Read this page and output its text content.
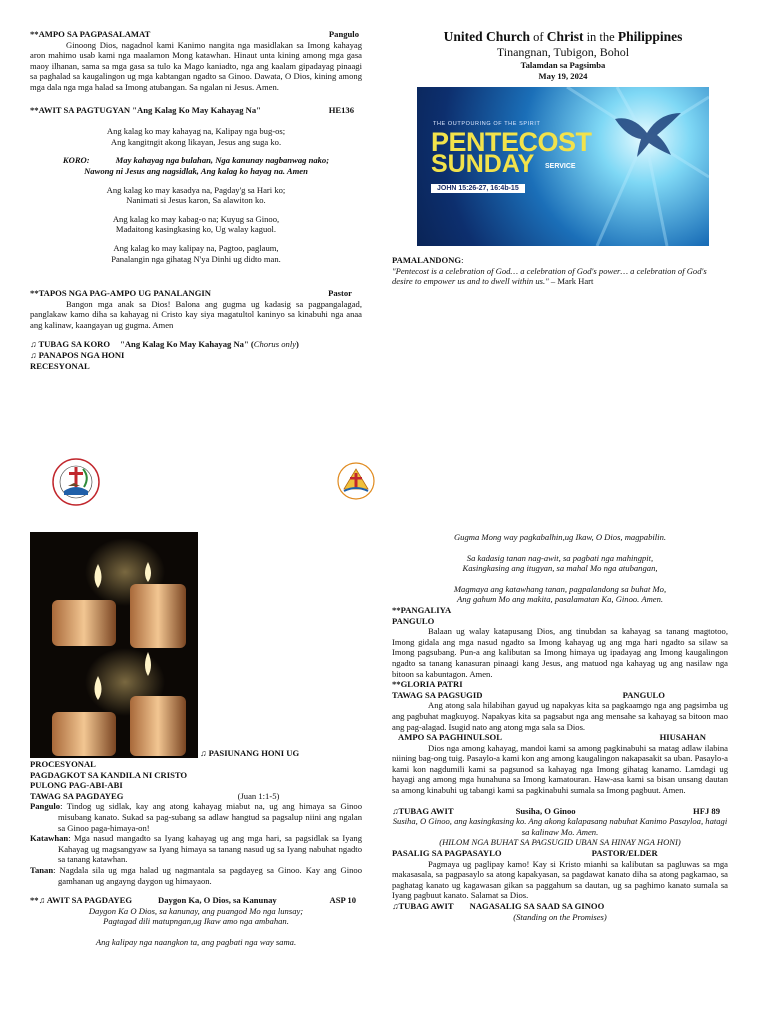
**AMPO SA PAGPASALAMAT	Pangulo

Ginoong Dios, nagadnol kami Kanimo nangita nga masidlakan sa Imong kahayag aron mahimo usab kami nga maalamon Mong katawhan. Hinaut unta kining among mga gasa maoy ilhanan, sama sa mga gasa sa tulo ka Mago kaniadto, nga ang kaalam gipadayag pinaagi sa paghalad sa kaugalingon ug mga kabtangan ngadto sa Ginoo. Dawata, O Dios, kining among mga dala nga mga halad sa Imong atubangan. Sa ngalan ni Jesus. Amen.

**AWIT SA PAGTUGYAN "Ang Kalag Ko May Kahayag Na"	HE136
Ang kalag ko may kahayag na, Kalipay nga bug-os;
Ang kangitngit akong likayan, Jesus ang suga ko.
KORO:	May kahayag nga bulahan, Nga kanunay nagbanwag nako;
Nawong ni Jesus ang nagsidlak, Ang kalag ko hayag na. Amen
Ang kalag ko may kasadya na, Pagday'g sa Hari ko;
Nanimati si Jesus karon, Sa alawiton ko.
Ang kalag ko may kabag-o na; Kuyug sa Ginoo,
Madaitong kasingkasing ko, Ug walay kaguol.
Ang kalag ko may kalipay na, Pagtoo, paglaum,
Panalangin nga gihatag N'ya Dinhi ug didto man.
**TAPOS NGA PAG-AMPO UG PANALANGIN	Pastor

Bangon mga anak sa Dios! Balona ang gugma ug kadasig sa pagpangalagad, panglakaw kamo diha sa kahayag ni Cristo kay siya magatultol kaninyo sa kinabuhi nga anaa ang kalinaw, kaangayan ug gugma. Amen

♫ TUBAG SA KORO "Ang Kalag Ko May Kahayag Na" (Chorus only)
♫ PANAPOS NGA HONI
RECESYONAL
United Church of Christ in the Philippines
Tinangnan, Tubigon, Bohol
Talamdan sa Pagsimba
May 19, 2024
THE OUTPOURING OF THE SPIRIT
PENTECOST
SUNDAY SERVICE
JOHN 15:26-27, 16:4b-15
PAMALANDONG:

"Pentecost is a celebration of God… a celebration of God's power… a celebration of God's desire to empower us and to dwell within us." – Mark Hart

♫ PASIUNANG HONI UG
PROCESYONAL
PAGDAGKOT SA KANDILA NI CRISTO
PULONG PAG-ABI-ABI
TAWAG SA PAGDAYEG	(Juan 1:1-5)

Pangulo: Tindog ug sidlak, kay ang atong kahayag miabut na, ug ang himaya sa Ginoo misubang kanato. Sukad sa pag-subang sa adlaw hangtud sa pagsalup niini ang ngalan sa Ginoo paga-himaya-on!

Katawhan: Mga nasud mangadto sa Iyang kahayag ug ang mga hari, sa pagsidlak sa Iyang Kahayag ug magsangyaw sa Iyang himaya sa tanang nasud ug sa Iyang nabuhat ngadto sa tanang katawhan.

Tanan: Nagdala sila ug mga halad ug nagmantala sa pagdayeg sa Ginoo. Kay ang Ginoo gamhanan ug angayng daygon ug himayaon.

**♫ AWIT SA PAGDAYEG	Daygon Ka, O Dios, sa Kanunay	ASP 10
Daygon Ka O Dios, sa kanunay, ang puangod Mo nga lunsay;
Pagtagad dili matupngan,ug Ikaw amo nga ambahan.
Ang kalipay nga naangkon ta, ang pagbati nga way sama.
Gugma Mong way pagkabalhin,ug Ikaw, O Dios, magpabilin.
Sa kadasig tanan nag-awit, sa pagbati nga mahingpit,
Kasingkasing ang itugyan, sa mahal Mo nga atubangan,
Magmaya ang katawhang tanan, pagpalandong sa buhat Mo,
Ang gahum Mo ang makita, pasalamatan Ka, Ginoo. Amen.
**PANGALIYA
PANGULO

Balaan ug walay katapusang Dios, ang tinubdan sa kahayag sa tanang magtotoo, Imong gidala ang mga nasud ngadto sa Imong kahayag ug ang mga hari ngadto sa silaw sa Imong pagsubang. Pun-a ang kalibutan sa Imong himaya ug ipadayag ang Imong kaugalingon ngadto sa tanang kanasuran pinaagi kang Jesus, ang matuod nga kahayag ug ang nasilaw nga bitoon sa kabuntagon. Amen.

**GLORIA PATRI
TAWAG SA PAGSUGID	PANGULO

Ang atong sala hilabihan gayud ug napakyas kita sa pagkaamgo nga ang pagsimba ug ang pagbuhat magkuyog. Napakyas kita sa pagsabut nga ang mensahe sa kahayag sa bitoon mao ang pag-alagad. Isugid nato ang atong mga sala sa Dios.

AMPO SA PAGHINULSOL	HIUSAHAN

Dios nga among kahayag, mandoi kami sa among pagkinabuhi sa matag adlaw ilabina niining bag-ong tuig. Pasaylo-a kami kon ang among kaugalingon nakapasakit sa uban. Pasaylo-a kami kon nagdumili kami sa pagsunod sa kahayag nga Imong gihatag kanamo. Lamdagi ug hayagi ang among mga hunahuna sa Imong kamatouran. Haw-asa kami sa bisan unsang dautan sa among kinabuhi ug tabangi kami sa pagkinabuhi sumala sa Imong pagbuut. Amen.

♫TUBAG AWIT	Susiha, O Ginoo	HFJ 89

Susiha, O Ginoo, ang kasingkasing ko. Ang akong kalapasang nabuhat Kanimo Pasayloa, hatagi sa kalinaw Mo. Amen.

(HILOM NGA BUHAT SA PAGSUGID UBAN SA HINAY NGA HONI)
PASALIG SA PAGPASAYLO	PASTOR/ELDER

Pagmaya ug paglipay kamo! Kay si Kristo mianhi sa kalibutan sa pagluwas sa mga makasasala, sa pagpasaylo sa atong kapakyasan, sa pagdawat kanato diha sa atong pagkamao, sa paghatag kanato ug kagawasan gikan sa paggahum sa dautan, ug sa paghimo kanato sumala sa Iyang pagbuut kanato. Salamat sa Dios.

♫TUBAG AWIT NAGASALIG SA SAAD SA GINOO
(Standing on the Promises)
